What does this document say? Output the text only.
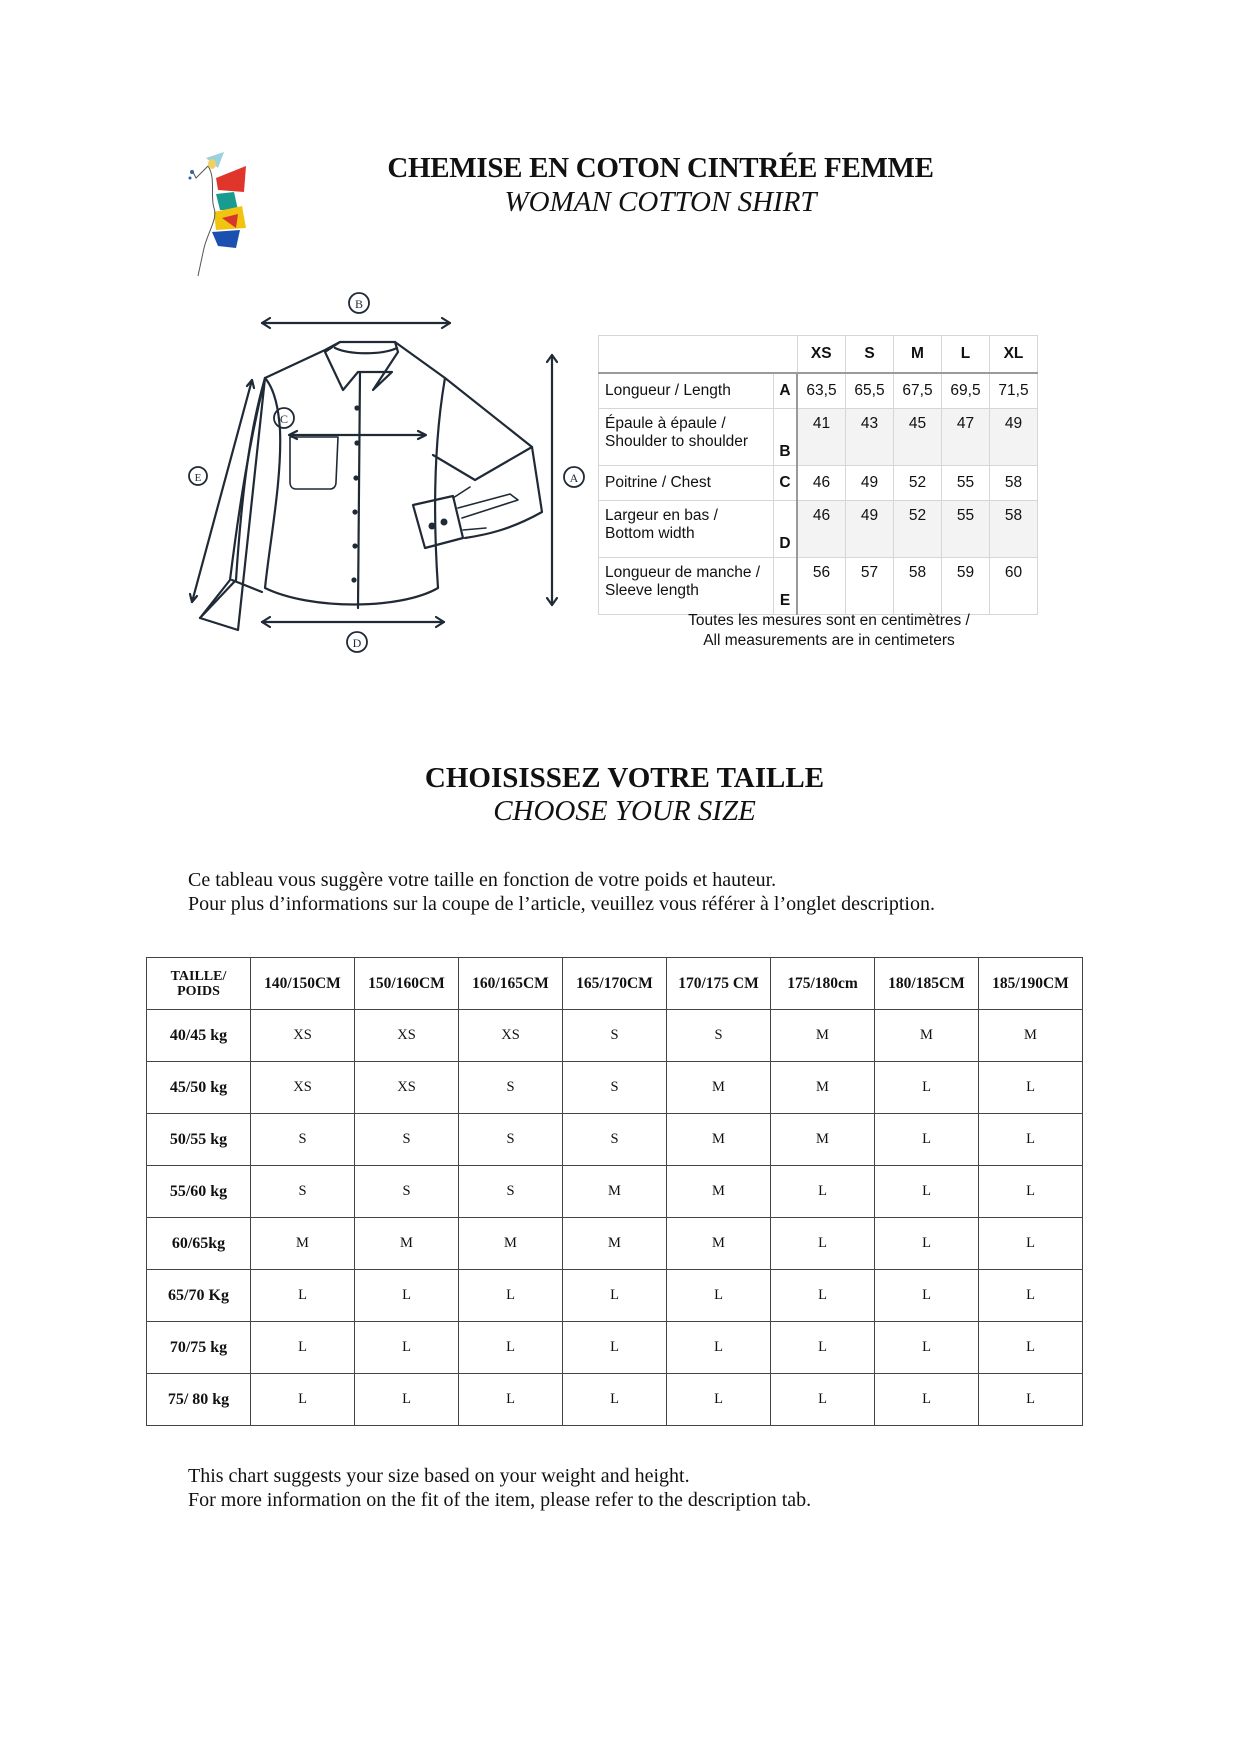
CHEMISE EN COTON CINTRÉE FEMME
WOMAN COTTON SHIRT
B
C
E
D
A
		XS	S	M	L	XL
Longueur / Length	A	63,5	65,5	67,5	69,5	71,5
Épaule à épaule /
Shoulder to shoulder	B	41	43	45	47	49
Poitrine / Chest	C	46	49	52	55	58
Largeur en bas /
Bottom width	D	46	49	52	55	58
Longueur de manche /
Sleeve length	E	56	57	58	59	60
Toutes les mesures sont en centimètres /
All measurements are in centimeters
CHOISISSEZ VOTRE TAILLE
CHOOSE YOUR SIZE
Ce tableau vous suggère votre taille en fonction de votre poids et hauteur.
Pour plus d’informations sur la coupe de l’article, veuillez vous référer à l’onglet description.
TAILLE/
POIDS	140/150CM	150/160CM	160/165CM	165/170CM	170/175 CM	175/180cm	180/185CM	185/190CM
40/45 kg	XS	XS	XS	S	S	M	M	M
45/50 kg	XS	XS	S	S	M	M	L	L
50/55 kg	S	S	S	S	M	M	L	L
55/60 kg	S	S	S	M	M	L	L	L
60/65kg	M	M	M	M	M	L	L	L
65/70 Kg	L	L	L	L	L	L	L	L
70/75 kg	L	L	L	L	L	L	L	L
75/ 80 kg	L	L	L	L	L	L	L	L
This chart suggests your size based on your weight and height.
For more information on the fit of the item, please refer to the description tab.
